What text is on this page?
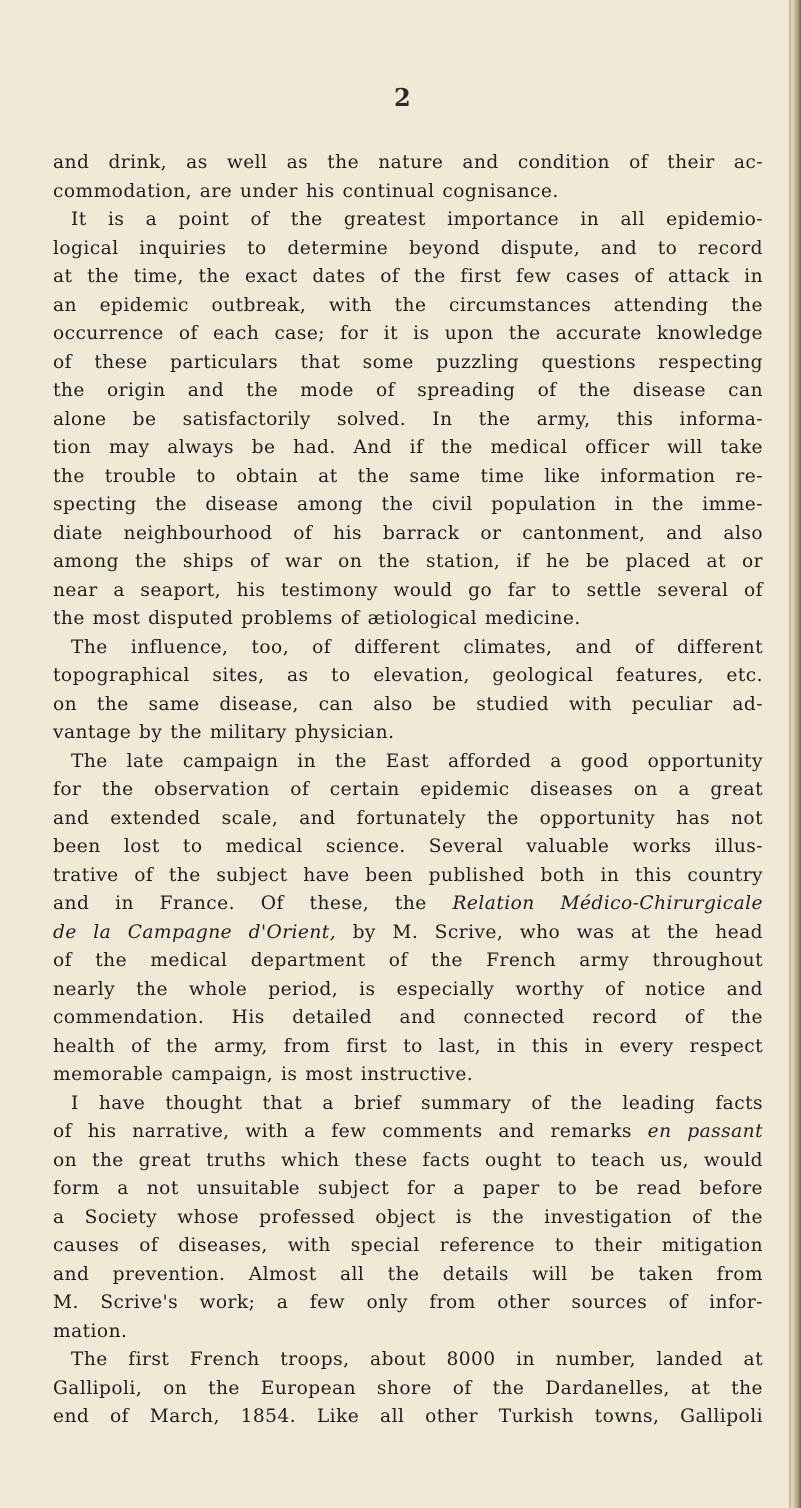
2
and drink, as well as the nature and condition of their ac-
commodation, are under his continual cognisance.
It is a point of the greatest importance in all epidemio-
logical inquiries to determine beyond dispute, and to record
at the time, the exact dates of the first few cases of attack in
an epidemic outbreak, with the circumstances attending the
occurrence of each case; for it is upon the accurate knowledge
of these particulars that some puzzling questions respecting
the origin and the mode of spreading of the disease can
alone be satisfactorily solved. In the army, this informa-
tion may always be had. And if the medical officer will take
the trouble to obtain at the same time like information re-
specting the disease among the civil population in the imme-
diate neighbourhood of his barrack or cantonment, and also
among the ships of war on the station, if he be placed at or
near a seaport, his testimony would go far to settle several of
the most disputed problems of ætiological medicine.
The influence, too, of different climates, and of different
topographical sites, as to elevation, geological features, etc.
on the same disease, can also be studied with peculiar ad-
vantage by the military physician.
The late campaign in the East afforded a good opportunity
for the observation of certain epidemic diseases on a great
and extended scale, and fortunately the opportunity has not
been lost to medical science. Several valuable works illus-
trative of the subject have been published both in this country
and in France. Of these, the Relation Médico-Chirurgicale
de la Campagne d'Orient, by M. Scrive, who was at the head
of the medical department of the French army throughout
nearly the whole period, is especially worthy of notice and
commendation. His detailed and connected record of the
health of the army, from first to last, in this in every respect
memorable campaign, is most instructive.
I have thought that a brief summary of the leading facts
of his narrative, with a few comments and remarks en passant
on the great truths which these facts ought to teach us, would
form a not unsuitable subject for a paper to be read before
a Society whose professed object is the investigation of the
causes of diseases, with special reference to their mitigation
and prevention. Almost all the details will be taken from
M. Scrive's work; a few only from other sources of infor-
mation.
The first French troops, about 8000 in number, landed at
Gallipoli, on the European shore of the Dardanelles, at the
end of March, 1854. Like all other Turkish towns, Gallipoli
